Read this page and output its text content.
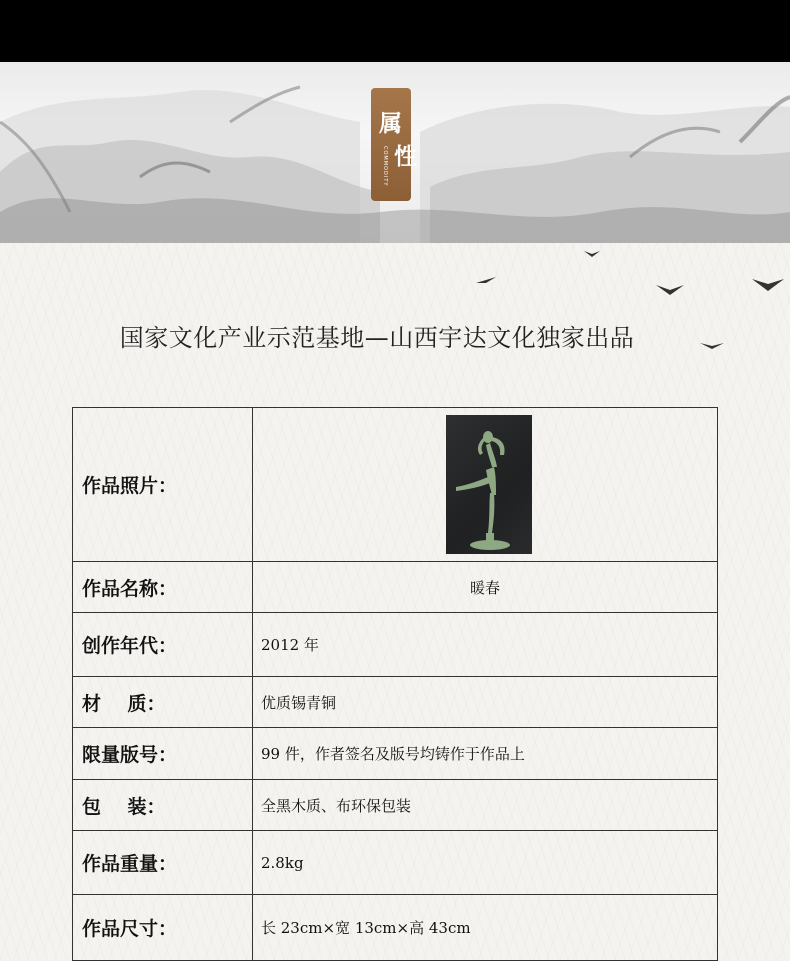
属
性
COMMODITY
国家文化产业示范基地—山西宇达文化独家出品
作品照片：	

作品名称：	暖春
创作年代：	2012 年
材    质：	优质锡青铜
限量版号：	99 件，作者签名及版号均铸作于作品上
包    装：	全黑木质、布环保包装
作品重量：	2.8kg
作品尺寸：	长 23cm×宽 13cm×高 43cm
